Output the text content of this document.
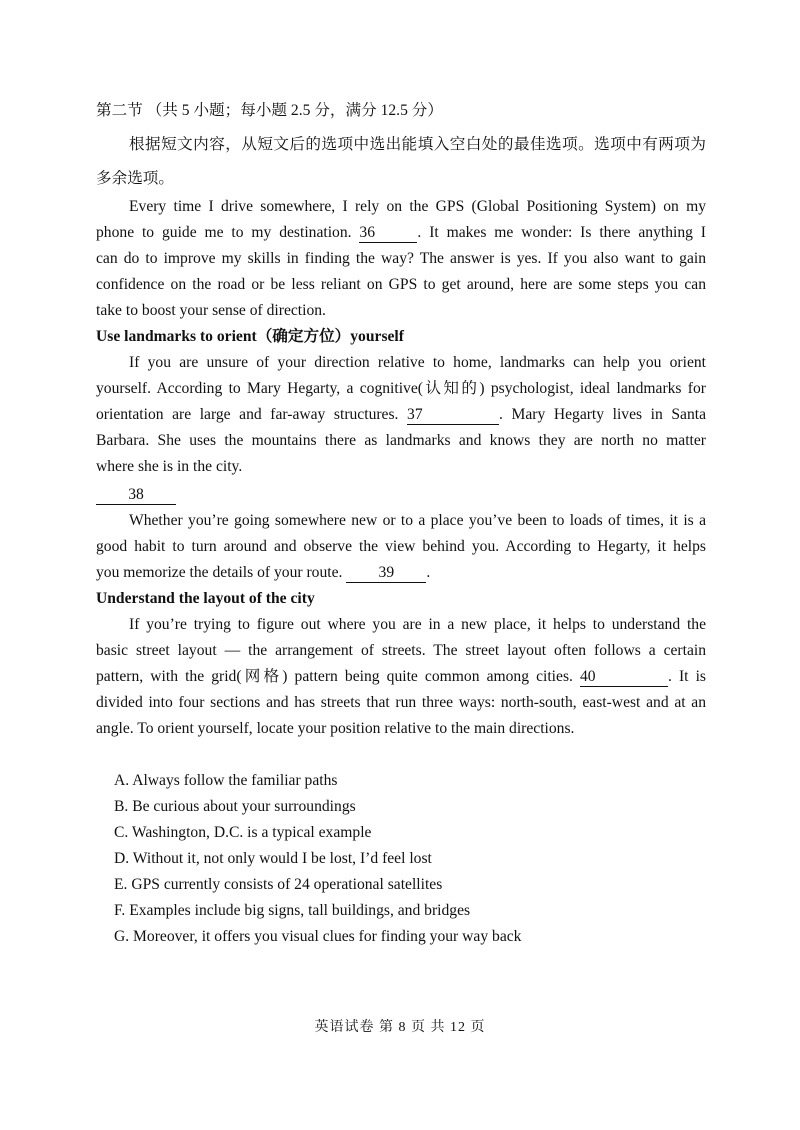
第二节 （共 5 小题；每小题 2.5 分，满分 12.5 分）
根据短文内容，从短文后的选项中选出能填入空白处的最佳选项。选项中有两项为
多余选项。
Every time I drive somewhere, I rely on the GPS (Global Positioning System) on my
phone to guide me to my destination. 36	. It makes me wonder: Is there anything I
can do to improve my skills in finding the way? The answer is yes. If you also want to gain
confidence on the road or be less reliant on GPS to get around, here are some steps you can
take to boost your sense of direction.
Use landmarks to orient（确定方位）yourself
If you are unsure of your direction relative to home, landmarks can help you orient
yourself. According to Mary Hegarty, a cognitive(认知的) psychologist, ideal landmarks for
orientation are large and far-away structures. 37	. Mary Hegarty lives in Santa
Barbara. She uses the mountains there as landmarks and knows they are north no matter
where she is in the city.
38
Whether you’re going somewhere new or to a place you’ve been to loads of times, it is a
good habit to turn around and observe the view behind you. According to Hegarty, it helps
you memorize the details of your route. 39 .
Understand the layout of the city
If you’re trying to figure out where you are in a new place, it helps to understand the
basic street layout — the arrangement of streets. The street layout often follows a certain
pattern, with the grid(网格) pattern being quite common among cities. 40	. It is
divided into four sections and has streets that run three ways: north-south, east-west and at an
angle. To orient yourself, locate your position relative to the main directions.
A. Always follow the familiar paths
B. Be curious about your surroundings
C. Washington, D.C. is a typical example
D. Without it, not only would I be lost, I’d feel lost
E. GPS currently consists of 24 operational satellites
F. Examples include big signs, tall buildings, and bridges
G. Moreover, it offers you visual clues for finding your way back
英语试卷 第 8 页 共 12 页
